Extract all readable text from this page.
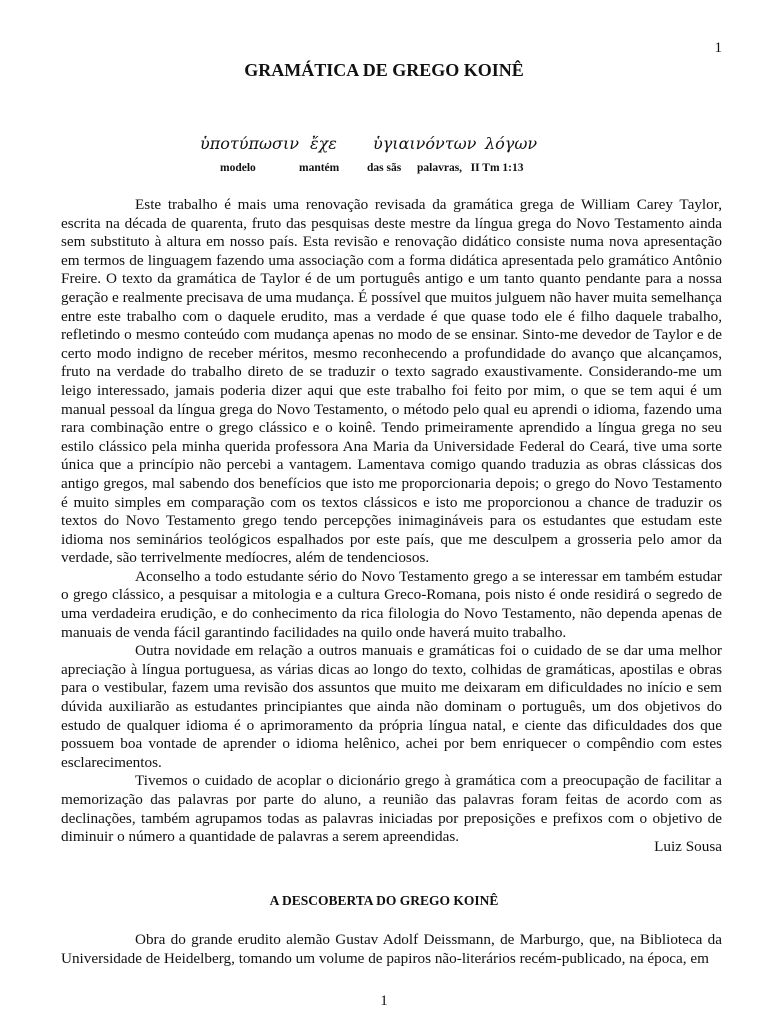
1
GRAMÁTICA DE GREGO KOINÊ
ὑποτύπωσιν ἔχε ὑγιαινόντων λόγων
modelo	mantém das sãs palavras,   II Tm 1:13

Este trabalho é mais uma renovação revisada da gramática grega de William Carey Taylor, escrita na década de quarenta, fruto das pesquisas deste mestre da língua grega do Novo Testamento ainda sem substituto à altura em nosso país. Esta revisão e renovação didático consiste numa nova apresentação em termos de linguagem fazendo uma associação com a forma didática apresentada pelo gramático Antônio Freire. O texto da gramática de Taylor é de um português antigo e um tanto quanto pendante para a nossa geração e realmente precisava de uma mudança. É possível que muitos julguem não haver muita semelhança entre este trabalho com o daquele erudito, mas a verdade é que quase todo ele é filho daquele trabalho, refletindo o mesmo conteúdo com mudança apenas no modo de se ensinar. Sinto-me devedor de Taylor e de certo modo indigno de receber méritos, mesmo reconhecendo a profundidade do avanço que alcançamos, fruto na verdade do trabalho direto de se traduzir o texto sagrado exaustivamente. Considerando-me um leigo interessado, jamais poderia dizer aqui que este trabalho foi feito por mim, o que se tem aqui é um manual pessoal da língua grega do Novo Testamento, o método pelo qual eu aprendi o idioma, fazendo uma rara combinação entre o grego clássico e o koinê. Tendo primeiramente aprendido a língua grega no seu estilo clássico pela minha querida professora Ana Maria da Universidade Federal do Ceará, tive uma sorte única que a princípio não percebi a vantagem. Lamentava comigo quando traduzia as obras clássicas dos antigo gregos, mal sabendo dos benefícios que isto me proporcionaria depois; o grego do Novo Testamento é muito simples em comparação com os textos clássicos e isto me proporcionou a chance de traduzir os textos do Novo Testamento grego tendo percepções inimagináveis para os estudantes que estudam este idioma nos seminários teológicos espalhados por este país, que me desculpem a grosseria pelo amor da verdade, são terrivelmente medíocres, além de tendenciosos.

Aconselho a todo estudante sério do Novo Testamento grego a se interessar em também estudar o grego clássico, a pesquisar a mitologia e a cultura Greco-Romana, pois nisto é onde residirá o segredo de uma verdadeira erudição, e do conhecimento da rica filologia do Novo Testamento, não dependa apenas de manuais de venda fácil garantindo facilidades na quilo onde haverá muito trabalho.

Outra novidade em relação a outros manuais e gramáticas foi o cuidado de se dar uma melhor apreciação à língua portuguesa, as várias dicas ao longo do texto, colhidas de gramáticas, apostilas e obras para o vestibular, fazem uma revisão dos assuntos que muito me deixaram em dificuldades no início e sem dúvida auxiliarão as estudantes principiantes que ainda não dominam o português, um dos objetivos do estudo de qualquer idioma é o aprimoramento da própria língua natal, e ciente das dificuldades dos que possuem boa vontade de aprender o idioma helênico, achei por bem enriquecer o compêndio com estes esclarecimentos.

Tivemos o cuidado de acoplar o dicionário grego à gramática com a preocupação de facilitar a memorização das palavras por parte do aluno, a reunião das palavras foram feitas de acordo com as declinações, também agrupamos todas as palavras iniciadas por preposições e prefixos com o objetivo de diminuir o número a quantidade de palavras a serem apreendidas.

Luiz Sousa
A DESCOBERTA DO GREGO KOINÊ

Obra do grande erudito alemão Gustav Adolf Deissmann, de Marburgo, que, na Biblioteca da Universidade de Heidelberg, tomando um volume de papiros não-literários recém-publicado, na época, em

1
